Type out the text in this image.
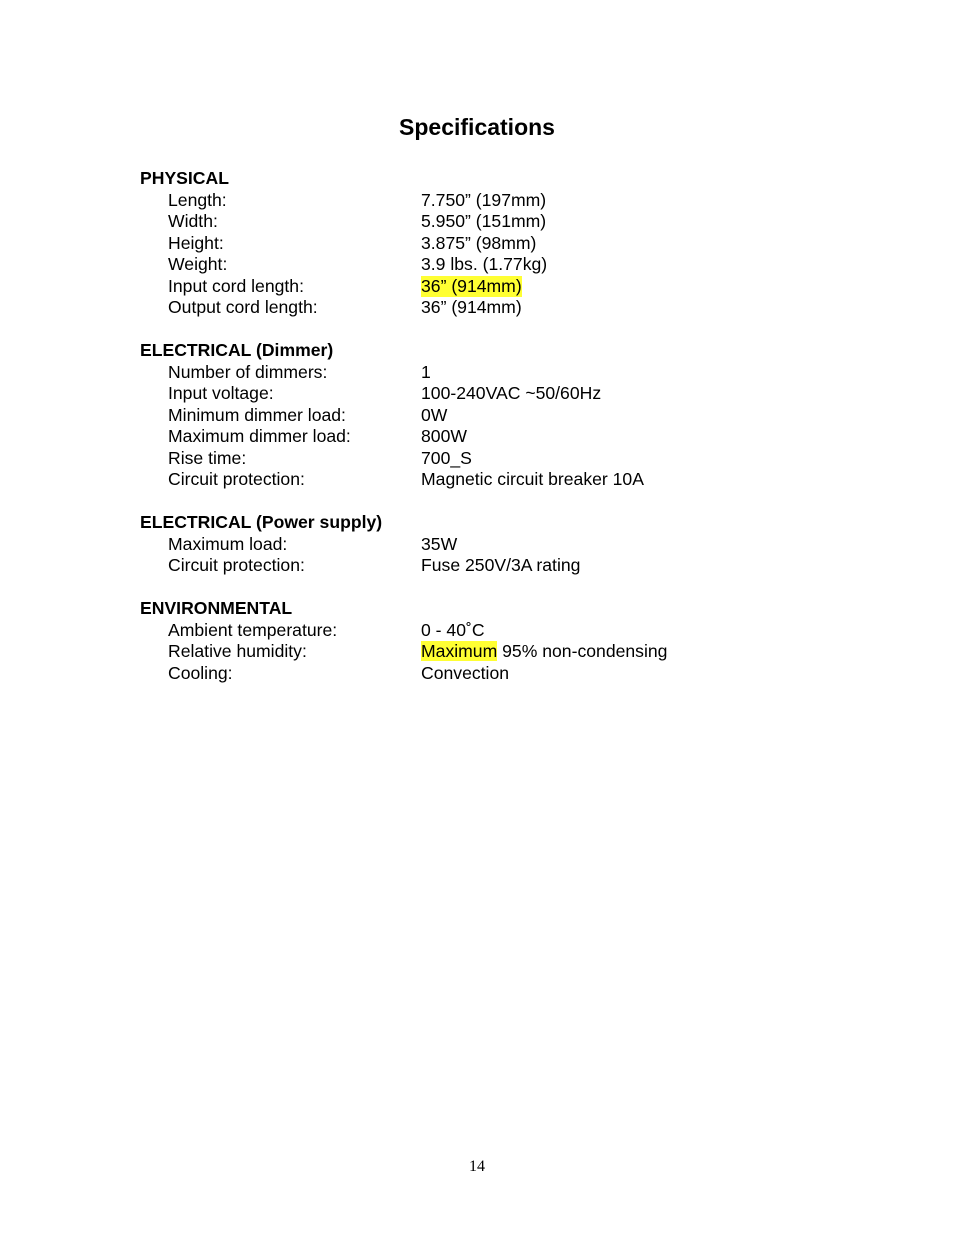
Specifications
PHYSICAL
Length:	7.750” (197mm)
Width:	5.950” (151mm)
Height:	3.875” (98mm)
Weight:	3.9 lbs. (1.77kg)
Input cord length:	36” (914mm)
Output cord length:	36” (914mm)
ELECTRICAL (Dimmer)
Number of dimmers:	1
Input voltage:	100-240VAC ~50/60Hz
Minimum dimmer load:	0W
Maximum dimmer load:	800W
Rise time:	700_S
Circuit protection:	Magnetic circuit breaker 10A
ELECTRICAL (Power supply)
Maximum load:	35W
Circuit protection:	Fuse 250V/3A rating
ENVIRONMENTAL
Ambient temperature:	0 - 40˚C
Relative humidity:	Maximum 95% non-condensing
Cooling:	Convection
14
